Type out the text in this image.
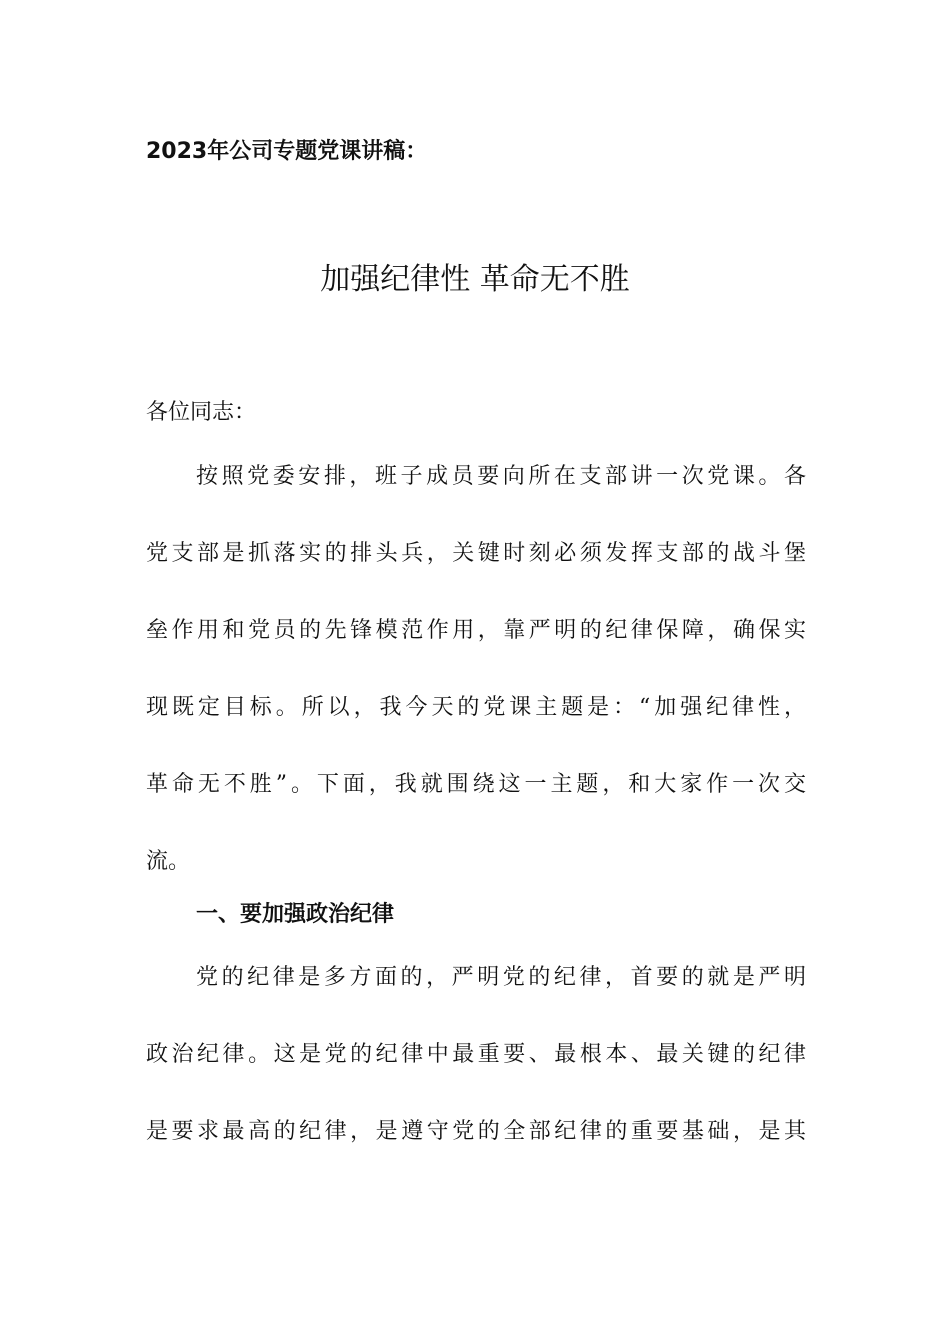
2023年公司专题党课讲稿：
加强纪律性 革命无不胜
各位同志：
按照党委安排，班子成员要向所在支部讲一次党课。各
党支部是抓落实的排头兵，关键时刻必须发挥支部的战斗堡
垒作用和党员的先锋模范作用，靠严明的纪律保障，确保实
现既定目标。所以，我今天的党课主题是：“加强纪律性，
革命无不胜”。下面，我就围绕这一主题，和大家作一次交
流。
一、要加强政治纪律
党的纪律是多方面的，严明党的纪律，首要的就是严明
政治纪律。这是党的纪律中最重要、最根本、最关键的纪律
是要求最高的纪律，是遵守党的全部纪律的重要基础，是其
